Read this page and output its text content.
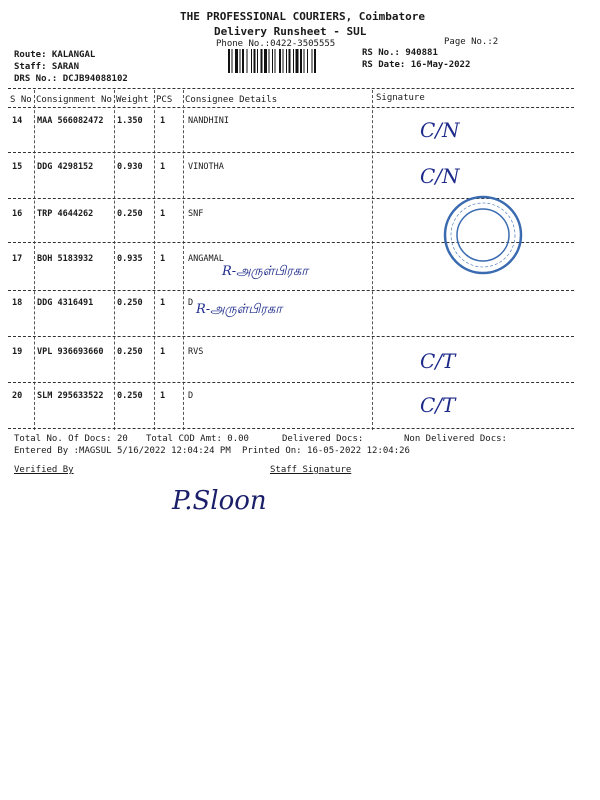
THE PROFESSIONAL COURIERS, Coimbatore
Delivery Runsheet - SUL
Phone No.:0422-3505555	Page No.:2
Route: KALANGAL
Staff: SARAN
DRS No.: DCJB94088102
RS No.: 940881
RS Date: 16-May-2022
S No Consignment No Weight PCS Consignee Details	Signature
14 MAA 566082472 1.350 1	NANDHINI	C/N
15 DDG 4298152	0.930 1	VINOTHA	C/N
16 TRP 4644262	0.250 1	SNF
17 BOH 5183932	0.935 1	ANGAMAL
R-அருள்பிரகா
18 DDG 4316491	0.250 1	D R-அருள்பிரகா
19 VPL 936693660 0.250 1	RVS	C/T
20 SLM 295633522 0.250 1	D	C/T
Total No. Of Docs: 20 Total COD Amt: 0.00	Delivered Docs:	Non Delivered Docs:
Entered By :MAGSUL 5/16/2022 12:04:24 PM Printed On: 16-05-2022 12:04:26
Verified By	Staff Signature
P.Sloon
